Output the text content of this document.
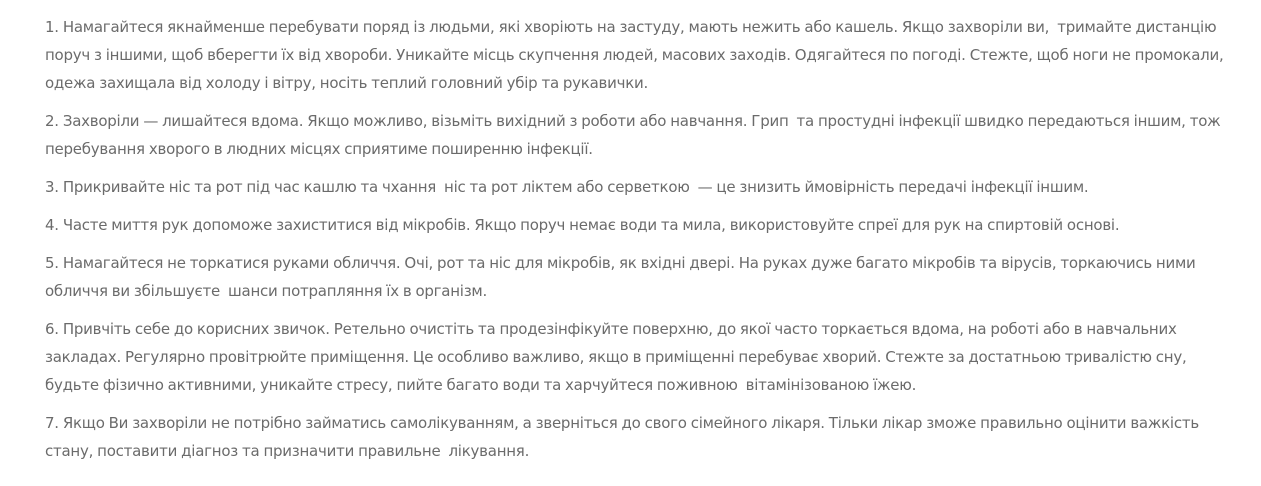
1. Намагайтеся якнайменше перебувати поряд із людьми, які хворіють на застуду, мають нежить або кашель. Якщо захворіли ви,  тримайте дистанцію поруч з іншими, щоб вберегти їх від хвороби. Уникайте місць скупчення людей, масових заходів. Одягайтеся по погоді. Стежте, щоб ноги не промокали, одежа захищала від холоду і вітру, носіть теплий головний убір та рукавички.

2. Захворіли — лишайтеся вдома. Якщо можливо, візьміть вихідний з роботи або навчання. Грип  та простудні інфекції швидко передаються іншим, тож перебування хворого в людних місцях сприятиме поширенню інфекції.

3. Прикривайте ніс та рот під час кашлю та чхання  ніс та рот ліктем або серветкою  — це знизить ймовірність передачі інфекції іншим.

4. Часте миття рук допоможе захиститися від мікробів. Якщо поруч немає води та мила, використовуйте спреї для рук на спиртовій основі.

5. Намагайтеся не торкатися руками обличчя. Очі, рот та ніс для мікробів, як вхідні двері. На руках дуже багато мікробів та вірусів, торкаючись ними обличчя ви збільшуєте  шанси потрапляння їх в організм.

6. Привчіть себе до корисних звичок. Ретельно очистіть та продезінфікуйте поверхню, до якої часто торкається вдома, на роботі або в навчальних закладах. Регулярно провітрюйте приміщення. Це особливо важливо, якщо в приміщенні перебуває хворий. Стежте за достатньою тривалістю сну, будьте фізично активними, уникайте стресу, пийте багато води та харчуйтеся поживною  вітамінізованою їжею.

7. Якщо Ви захворіли не потрібно займатись самолікуванням, а зверніться до свого сімейного лікаря. Тільки лікар зможе правильно оцінити важкість  стану, поставити діагноз та призначити правильне  лікування.
